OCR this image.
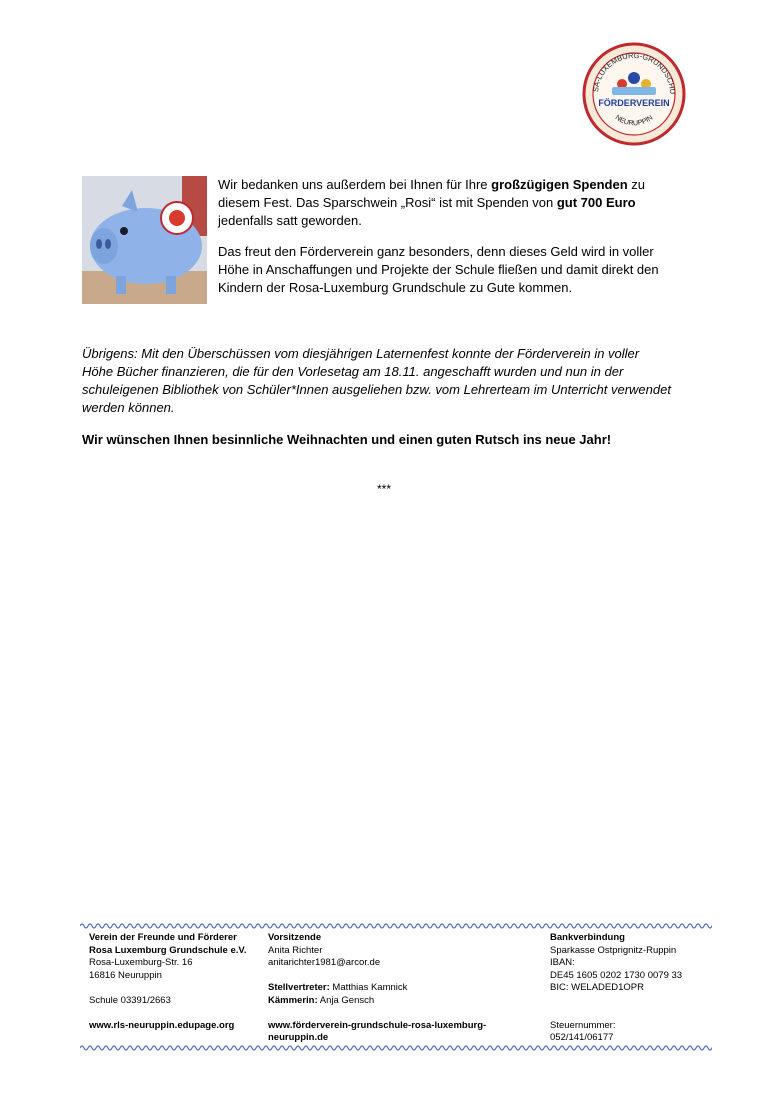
SA-LUXEMBURG-GRUNDSCHU
FÖRDERVEREIN
NEURUPPIN

Wir bedanken uns außerdem bei Ihnen für Ihre großzügigen Spenden zu diesem Fest. Das Sparschwein „Rosi“ ist mit Spenden von gut 700 Euro jedenfalls satt geworden.

Das freut den Förderverein ganz besonders, denn dieses Geld wird in voller Höhe in Anschaffungen und Projekte der Schule fließen und damit direkt den Kindern der Rosa-Luxemburg Grundschule zu Gute kommen.

Übrigens: Mit den Überschüssen vom diesjährigen Laternenfest konnte der Förderverein in voller

Höhe Bücher finanzieren, die für den Vorlesetag am 18.11. angeschafft wurden und nun in der

schuleigenen Bibliothek von Schüler*Innen ausgeliehen bzw. vom Lehrerteam im Unterricht verwendet

werden können.

Wir wünschen Ihnen besinnliche Weihnachten und einen guten Rutsch ins neue Jahr!

***

Verein der Freunde und Förderer
Rosa Luxemburg Grundschule e.V.
Rosa-Luxemburg-Str. 16
16816 Neuruppin
Schule 03391/2663
www.rls-neuruppin.edupage.org
Vorsitzende
Anita Richter
anitarichter1981@arcor.de
Stellvertreter: Matthias Kamnick
Kämmerin: Anja Gensch
www.förderverein-grundschule-rosa-luxemburg-
neuruppin.de
Bankverbindung
Sparkasse Ostprignitz-Ruppin
IBAN:
DE45 1605 0202 1730 0079 33
BIC: WELADED1OPR
Steuernummer:
052/141/06177
